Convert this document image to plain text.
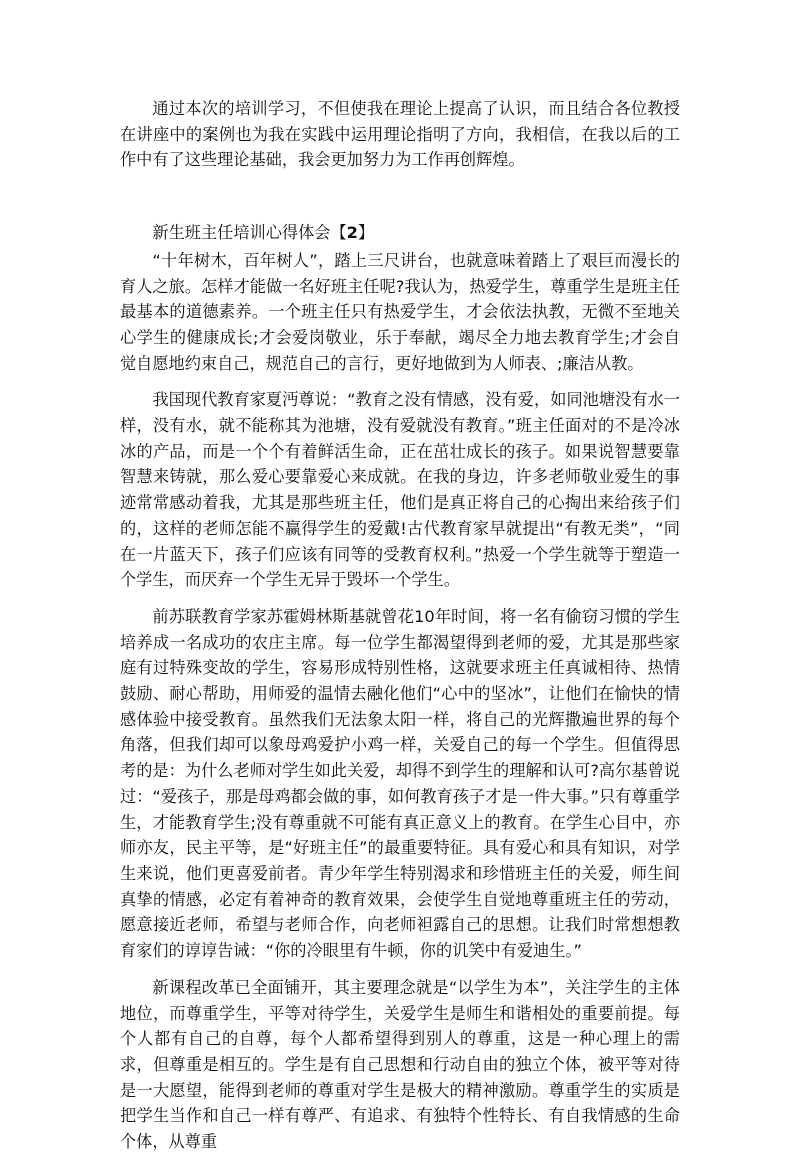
通过本次的培训学习，不但使我在理论上提高了认识，而且结合各位教授在讲座中的案例也为我在实践中运用理论指明了方向，我相信，在我以后的工作中有了这些理论基础，我会更加努力为工作再创辉煌。

新生班主任培训心得体会【2】

“十年树木，百年树人”，踏上三尺讲台，也就意味着踏上了艰巨而漫长的育人之旅。怎样才能做一名好班主任呢?我认为，热爱学生，尊重学生是班主任最基本的道德素养。一个班主任只有热爱学生，才会依法执教，无微不至地关心学生的健康成长;才会爱岗敬业，乐于奉献，竭尽全力地去教育学生;才会自觉自愿地约束自己，规范自己的言行，更好地做到为人师表、;廉洁从教。

我国现代教育家夏沔尊说：“教育之没有情感，没有爱，如同池塘没有水一样，没有水，就不能称其为池塘，没有爱就没有教育。”班主任面对的不是冷冰冰的产品，而是一个个有着鲜活生命，正在茁壮成长的孩子。如果说智慧要靠智慧来铸就，那么爱心要靠爱心来成就。在我的身边，许多老师敬业爱生的事迹常常感动着我，尤其是那些班主任，他们是真正将自己的心掏出来给孩子们的，这样的老师怎能不赢得学生的爱戴!古代教育家早就提出“有教无类”，“同在一片蓝天下，孩子们应该有同等的受教育权利。”热爱一个学生就等于塑造一个学生，而厌弃一个学生无异于毁坏一个学生。

前苏联教育学家苏霍姆林斯基就曾花10年时间，将一名有偷窃习惯的学生培养成一名成功的农庄主席。每一位学生都渴望得到老师的爱，尤其是那些家庭有过特殊变故的学生，容易形成特别性格，这就要求班主任真诚相待、热情鼓励、耐心帮助，用师爱的温情去融化他们“心中的坚冰”，让他们在愉快的情感体验中接受教育。虽然我们无法象太阳一样，将自己的光辉撒遍世界的每个角落，但我们却可以象母鸡爱护小鸡一样，关爱自己的每一个学生。但值得思考的是：为什么老师对学生如此关爱，却得不到学生的理解和认可?高尔基曾说过：“爱孩子，那是母鸡都会做的事，如何教育孩子才是一件大事。”只有尊重学生，才能教育学生;没有尊重就不可能有真正意义上的教育。在学生心目中，亦师亦友，民主平等，是“好班主任”的最重要特征。具有爱心和具有知识，对学生来说，他们更喜爱前者。青少年学生特别渴求和珍惜班主任的关爱，师生间真挚的情感，必定有着神奇的教育效果，会使学生自觉地尊重班主任的劳动，愿意接近老师，希望与老师合作，向老师袒露自己的思想。让我们时常想想教育家们的谆谆告诫：“你的冷眼里有牛顿，你的讥笑中有爱迪生。”

新课程改革已全面铺开，其主要理念就是“以学生为本”，关注学生的主体地位，而尊重学生，平等对待学生，关爱学生是师生和谐相处的重要前提。每个人都有自己的自尊，每个人都希望得到别人的尊重，这是一种心理上的需求，但尊重是相互的。学生是有自己思想和行动自由的独立个体，被平等对待是一大愿望，能得到老师的尊重对学生是极大的精神激励。尊重学生的实质是把学生当作和自己一样有尊严、有追求、有独特个性特长、有自我情感的生命个体，从尊重
